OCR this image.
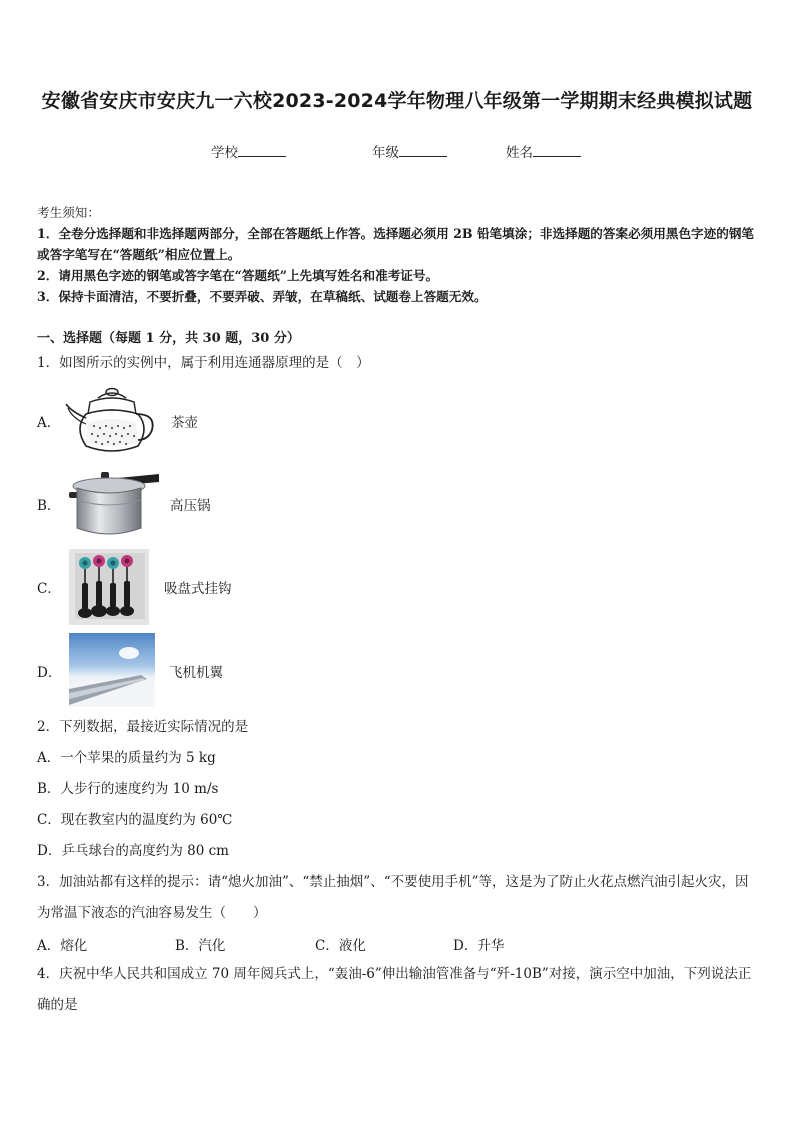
安徽省安庆市安庆九一六校2023-2024学年物理八年级第一学期期末经典模拟试题
学校	年级	姓名
考生须知：
1．全卷分选择题和非选择题两部分，全部在答题纸上作答。选择题必须用 2B 铅笔填涂；非选择题的答案必须用黑色字迹的钢笔或答字笔写在“答题纸”相应位置上。
2．请用黑色字迹的钢笔或答字笔在“答题纸”上先填写姓名和准考证号。
3．保持卡面清洁，不要折叠，不要弄破、弄皱，在草稿纸、试题卷上答题无效。
一、选择题（每题 1 分，共 30 题，30 分）
1．如图所示的实例中，属于利用连通器原理的是（　）
A．	茶壶
B．	高压锅
C．	吸盘式挂钩
D．	飞机机翼
2．下列数据，最接近实际情况的是
A．一个苹果的质量约为 5 kg
B．人步行的速度约为 10 m/s
C．现在教室内的温度约为 60℃
D．乒乓球台的高度约为 80 cm
3．加油站都有这样的提示：请“熄火加油”、“禁止抽烟”、“不要使用手机”等，这是为了防止火花点燃汽油引起火灾，因为常温下液态的汽油容易发生（　　）
A．熔化	B．汽化	C．液化	D．升华
4．庆祝中华人民共和国成立 70 周年阅兵式上，“轰油-6”伸出输油管准备与“歼-10B”对接，演示空中加油，下列说法正确的是
